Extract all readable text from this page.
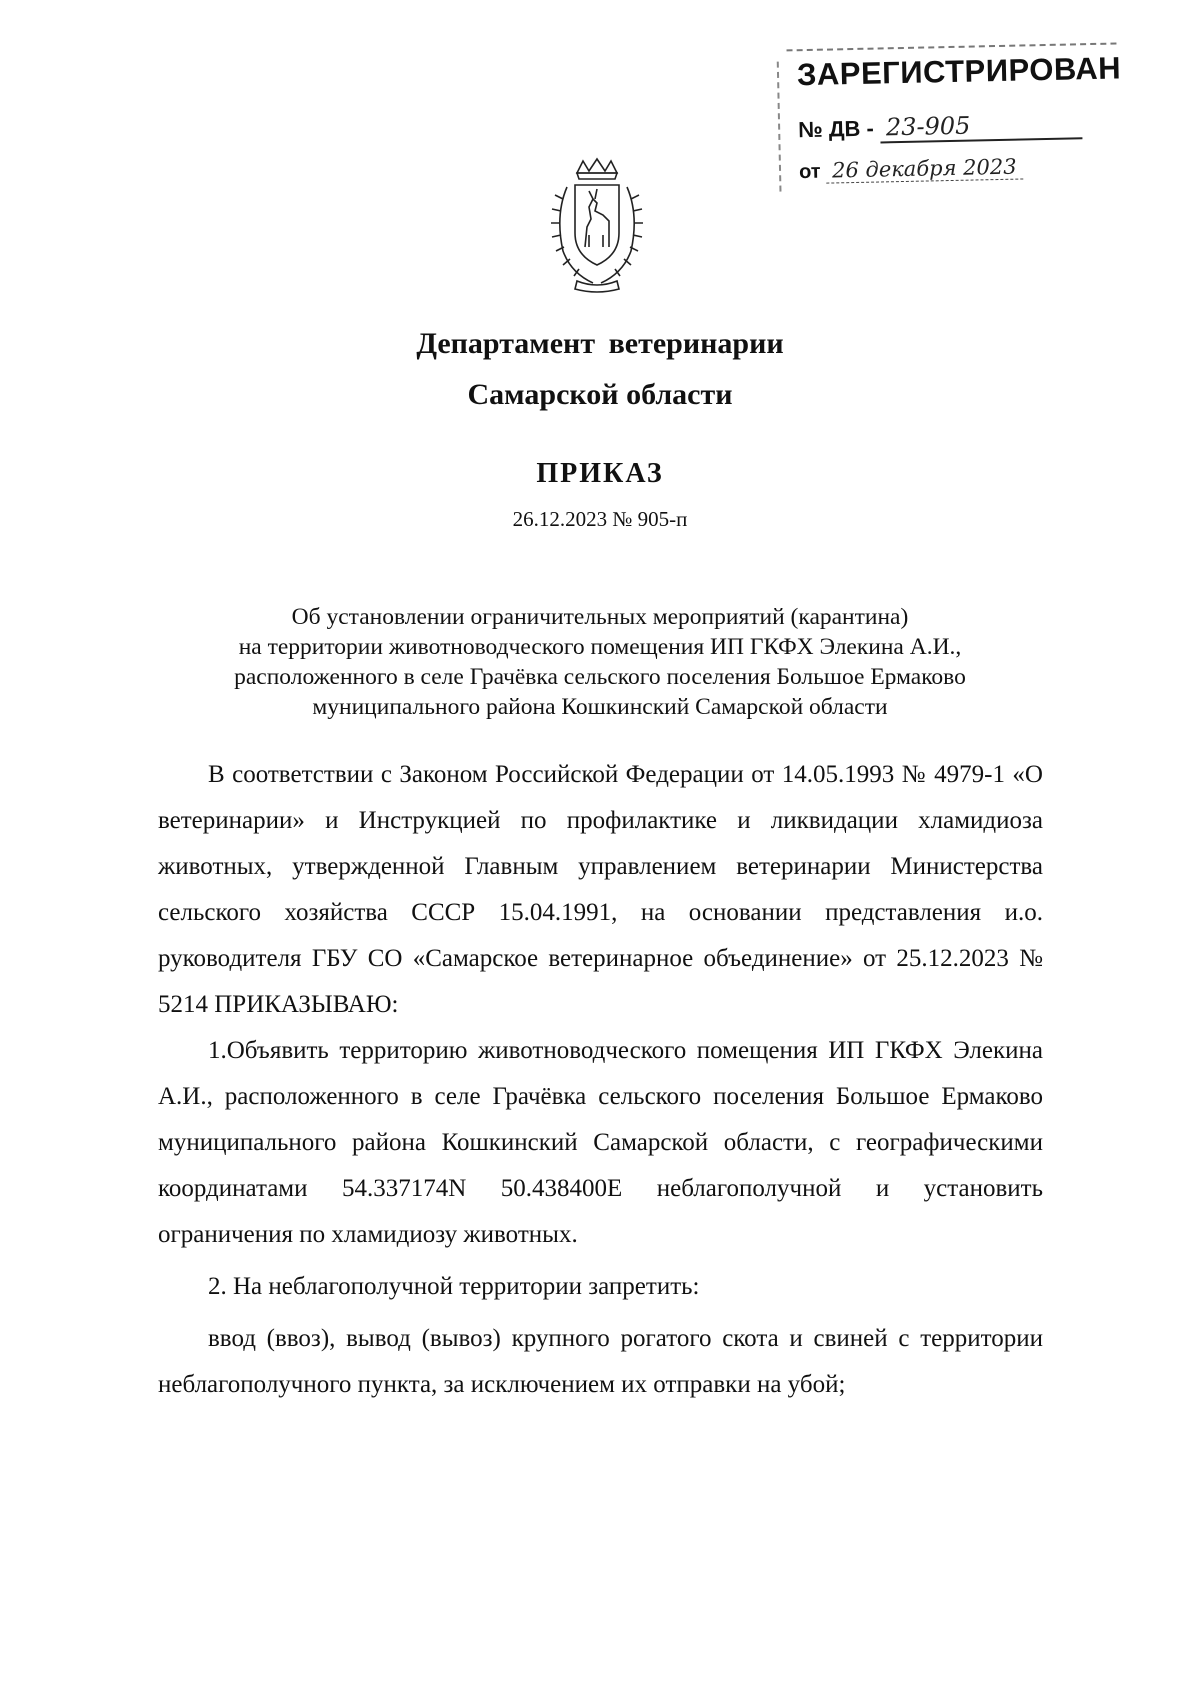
ЗАРЕГИСТРИРОВАН
№ ДВ - 23-905
от 26 декабря 2023
Департамент ветеринарии
Самарской области
ПРИКАЗ
26.12.2023 № 905-п
Об установлении ограничительных мероприятий (карантина)
на территории животноводческого помещения ИП ГКФХ Элекина А.И.,
расположенного в селе Грачёвка сельского поселения Большое Ермаково
муниципального района Кошкинский Самарской области

В соответствии с Законом Российской Федерации от 14.05.1993 № 4979-1 «О ветеринарии» и Инструкцией по профилактике и ликвидации хламидиоза животных, утвержденной Главным управлением ветеринарии Министерства сельского хозяйства СССР 15.04.1991, на основании представления и.о. руководителя ГБУ СО «Самарское ветеринарное объединение» от 25.12.2023 № 5214 ПРИКАЗЫВАЮ:

1.Объявить территорию животноводческого помещения ИП ГКФХ Элекина А.И., расположенного в селе Грачёвка сельского поселения Большое Ермаково муниципального района Кошкинский Самарской области, с географическими координатами 54.337174N 50.438400E неблагополучной и установить ограничения по хламидиозу животных.

2. На неблагополучной территории запретить:

ввод (ввоз), вывод (вывоз) крупного рогатого скота и свиней с территории неблагополучного пункта, за исключением их отправки на убой;
